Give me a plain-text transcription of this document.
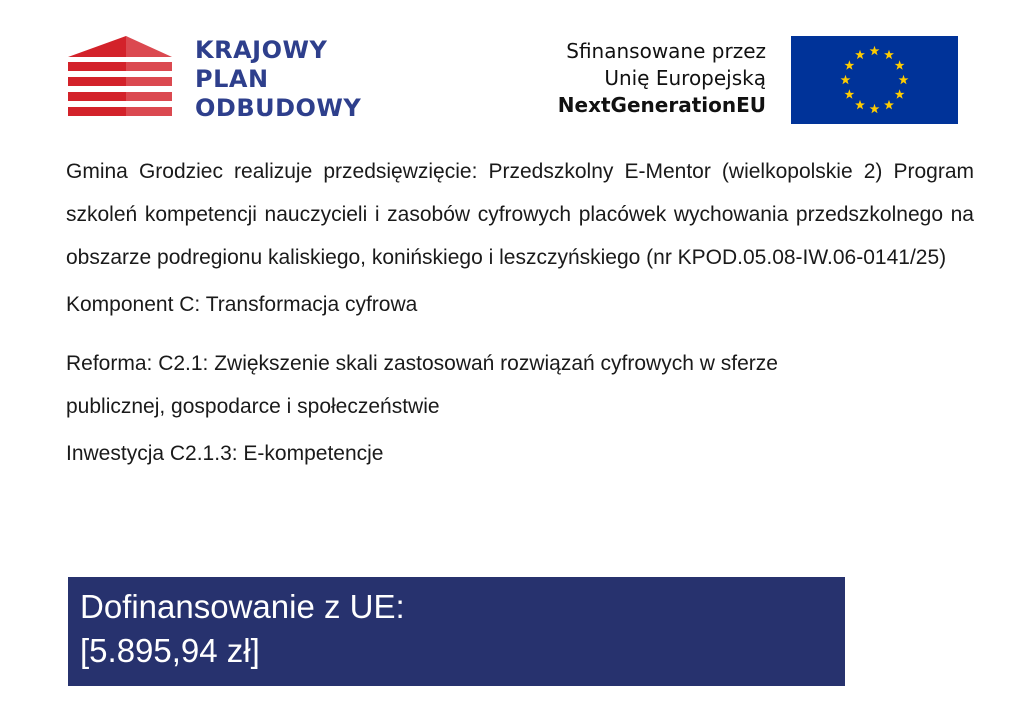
KRAJOWY
PLAN
ODBUDOWY
Sfinansowane przez
Unię Europejską
NextGenerationEU

Gmina Grodziec realizuje przedsięwzięcie: Przedszkolny E-Mentor (wielkopolskie 2) Program szkoleń kompetencji nauczycieli i zasobów cyfrowych placówek wychowania przedszkolnego na obszarze podregionu kaliskiego, konińskiego i leszczyńskiego (nr KPOD.05.08-IW.06-0141/25)

Komponent C: Transformacja cyfrowa

Reforma: C2.1: Zwiększenie skali zastosowań rozwiązań cyfrowych w sferze publicznej, gospodarce i społeczeństwie

Inwestycja C2.1.3: E-kompetencje

Dofinansowanie z UE:
[5.895,94 zł]
